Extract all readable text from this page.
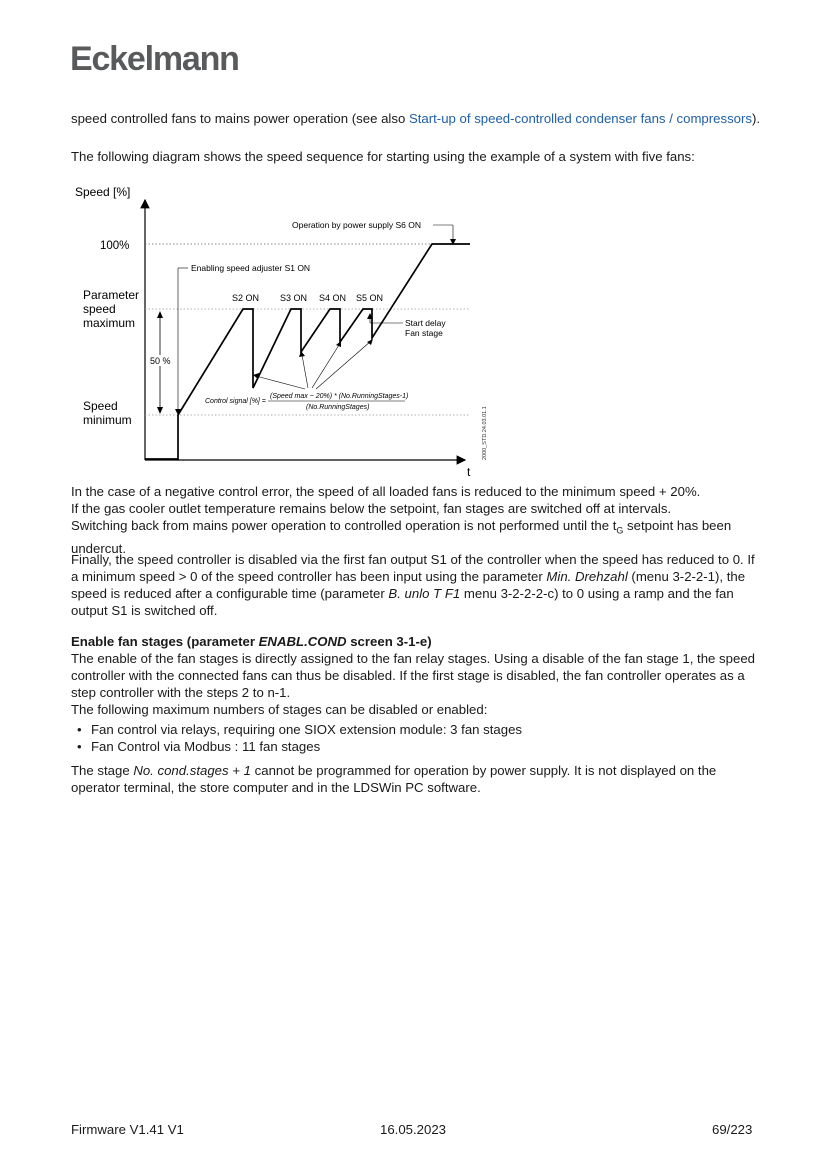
Eckelmann

speed controlled fans to mains power operation (see also Start-up of speed-controlled condenser fans / compressors).

The following diagram shows the speed sequence for starting using the example of a system with five fans:

Speed [%]
t
100%
Parameter
speed
maximum
Speed
minimum
50 %
Enabling speed adjuster S1 ON
Operation by power supply S6 ON
S2 ON S3 ON S4 ON S5 ON
Start delay
Fan stage
Control signal [%] =
(Speed max − 20%) * (No.RunningStages-1)
(No.RunningStages)	2000_STD.24.03.01.1

In the case of a negative control error, the speed of all loaded fans is reduced to the minimum speed + 20%.
If the gas cooler outlet temperature remains below the setpoint, fan stages are switched off at intervals.
Switching back from mains power operation to controlled operation is not performed until the $t_G$ setpoint has been undercut.

Finally, the speed controller is disabled via the first fan output S1 of the controller when the speed has reduced to 0. If a minimum speed > 0 of the speed controller has been input using the parameter Min. Drehzahl (menu 3-2-2-1), the speed is reduced after a configurable time (parameter B. unlo T F1 menu 3-2-2-2-c) to 0 using a ramp and the fan output S1 is switched off.

Enable fan stages (parameter ENABL.COND screen 3-1-e)

The enable of the fan stages is directly assigned to the fan relay stages. Using a disable of the fan stage 1, the speed controller with the connected fans can thus be disabled. If the first stage is disabled, the fan controller operates as a step controller with the steps 2 to n-1.
The following maximum numbers of stages can be disabled or enabled:

• Fan control via relays, requiring one SIOX extension module: 3 fan stages
• Fan Control via Modbus : 11 fan stages

The stage No. cond.stages + 1 cannot be programmed for operation by power supply. It is not displayed on the operator terminal, the store computer and in the LDSWin PC software.

Firmware V1.41 V1	16.05.2023	69/223
